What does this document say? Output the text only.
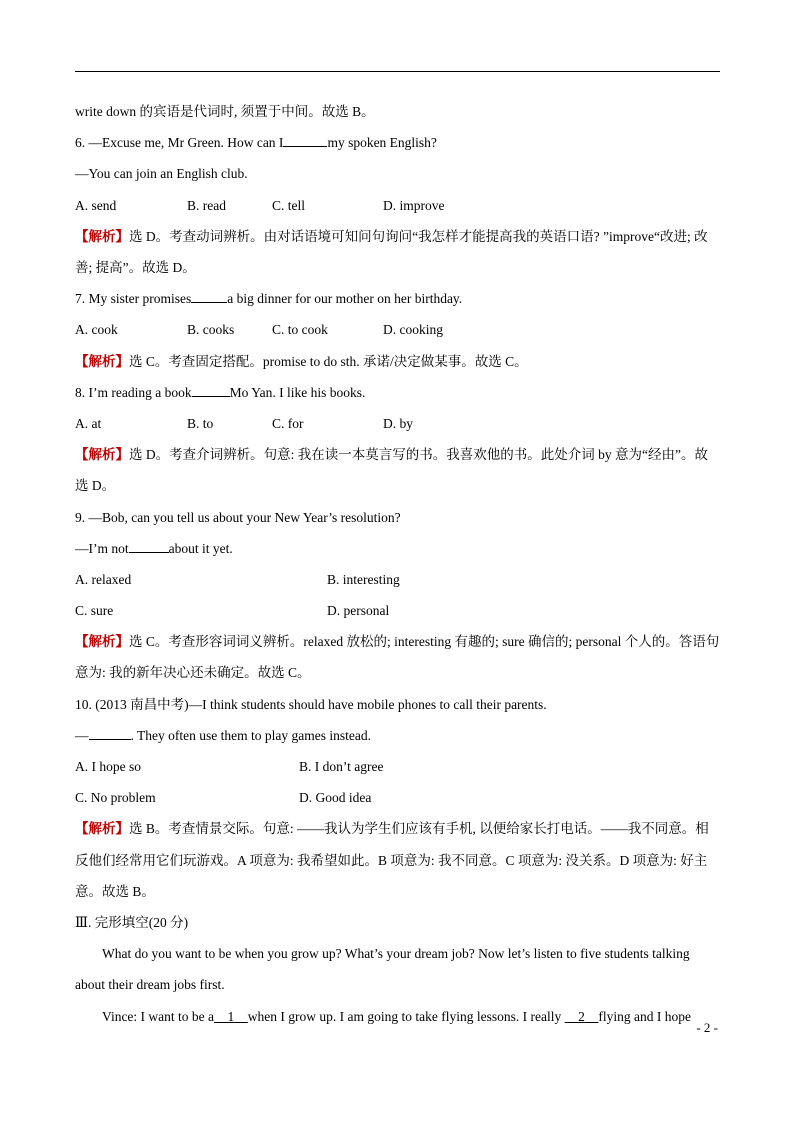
write down 的宾语是代词时, 须置于中间。故选 B。
6. —Excuse me, Mr Green. How can I	my spoken English?
—You can join an English club.
A. send	B. read	C. tell	D. improve
【解析】选 D。考查动词辨析。由对话语境可知问句询问“我怎样才能提高我的英语口语? ”improve“改进; 改善; 提高”。故选 D。
7. My sister promises	a big dinner for our mother on her birthday.
A. cook	B. cooks	C. to cook	D. cooking
【解析】选 C。考查固定搭配。promise to do sth. 承诺/决定做某事。故选 C。
8. I’m reading a book	Mo Yan. I like his books.
A. at	B. to	C. for	D. by
【解析】选 D。考查介词辨析。句意: 我在读一本莫言写的书。我喜欢他的书。此处介词 by 意为“经由”。故选 D。
9. —Bob, can you tell us about your New Year’s resolution?
—I’m not	about it yet.
A. relaxed	B. interesting
C. sure	D. personal
【解析】选 C。考查形容词词义辨析。relaxed 放松的; interesting 有趣的; sure 确信的; personal 个人的。答语句意为: 我的新年决心还未确定。故选 C。
10. (2013 南昌中考)—I think students should have mobile phones to call their parents.
—	. They often use them to play games instead.
A. I hope so	B. I don’t agree
C. No problem	D. Good idea
【解析】选 B。考查情景交际。句意: ——我认为学生们应该有手机, 以便给家长打电话。——我不同意。相反他们经常用它们玩游戏。A 项意为: 我希望如此。B 项意为: 我不同意。C 项意为: 没关系。D 项意为: 好主意。故选 B。
Ⅲ. 完形填空(20 分)
What do you want to be when you grow up? What’s your dream job? Now let’s listen to five students talking about their dream jobs first.
Vince: I want to be a 1 when I grow up. I am going to take flying lessons. I really 2 flying and I hope
- 2 -
